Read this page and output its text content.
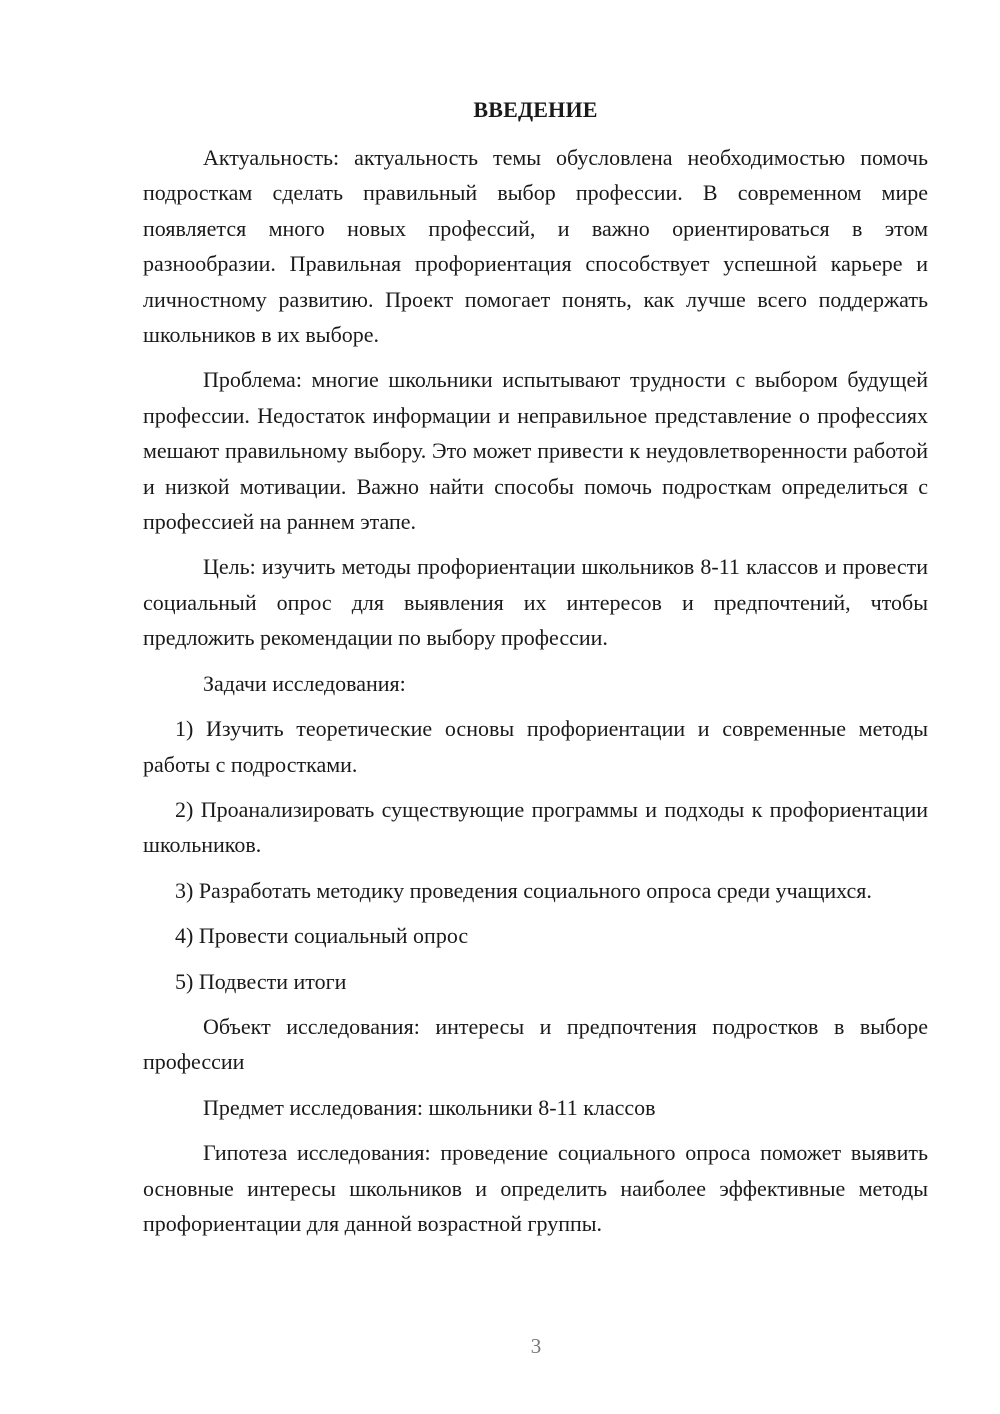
ВВЕДЕНИЕ

Актуальность: актуальность темы обусловлена необходимостью помочь подросткам сделать правильный выбор профессии. В современном мире появляется много новых профессий, и важно ориентироваться в этом разнообразии. Правильная профориентация способствует успешной карьере и личностному развитию. Проект помогает понять, как лучше всего поддержать школьников в их выборе.

Проблема: многие школьники испытывают трудности с выбором будущей профессии. Недостаток информации и неправильное представление о профессиях мешают правильному выбору. Это может привести к неудовлетворенности работой и низкой мотивации. Важно найти способы помочь подросткам определиться с профессией на раннем этапе.

Цель: изучить методы профориентации школьников 8-11 классов и провести социальный опрос для выявления их интересов и предпочтений, чтобы предложить рекомендации по выбору профессии.

Задачи исследования:

1) Изучить теоретические основы профориентации и современные методы работы с подростками.

2) Проанализировать существующие программы и подходы к профориентации школьников.

3) Разработать методику проведения социального опроса среди учащихся.

4) Провести социальный опрос

5) Подвести итоги

Объект исследования: интересы и предпочтения подростков в выборе профессии

Предмет исследования: школьники 8-11 классов

Гипотеза исследования: проведение социального опроса поможет выявить основные интересы школьников и определить наиболее эффективные методы профориентации для данной возрастной группы.

3
